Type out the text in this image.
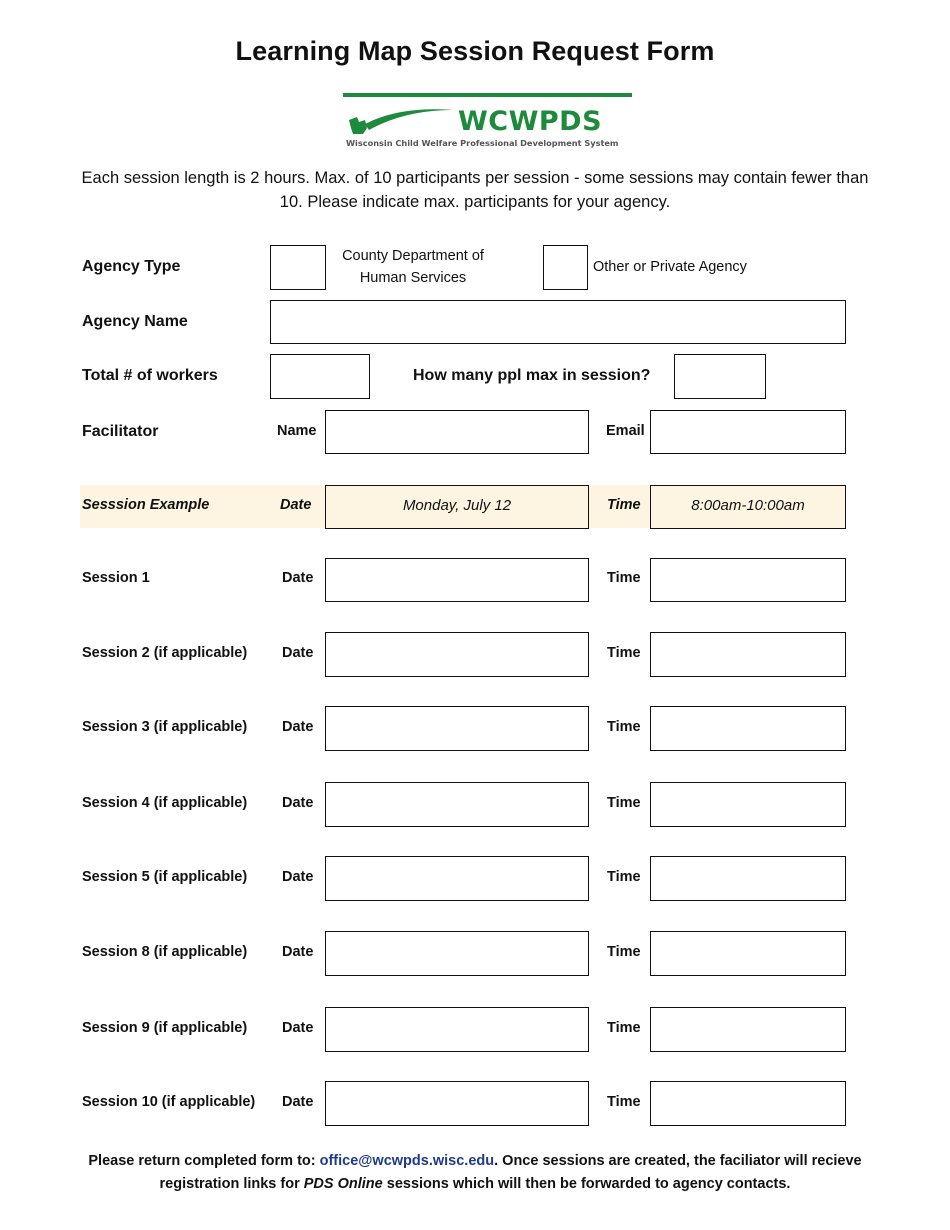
Learning Map Session Request Form
WCWPDS
Wisconsin Child Welfare Professional Development System
Each session length is 2 hours. Max. of 10 participants per session - some sessions may contain fewer than 10. Please indicate max. participants for your agency.
Agency Type
County Department of Human Services
Other or Private Agency
Agency Name
Total # of workers	How many ppl max in session?
Facilitator	Name	Email
Sesssion Example	Date	Monday, July 12	Time	8:00am-10:00am
Session 1	Date	Time
Session 2 (if applicable) Date	Time
Session 3 (if applicable) Date	Time
Session 4 (if applicable) Date	Time
Session 5 (if applicable) Date	Time
Session 8 (if applicable) Date	Time
Session 9 (if applicable) Date	Time
Session 10 (if applicable) Date	Time
Please return completed form to: office@wcwpds.wisc.edu. Once sessions are created, the faciliator will recieve registration links for PDS Online sessions which will then be forwarded to agency contacts.
